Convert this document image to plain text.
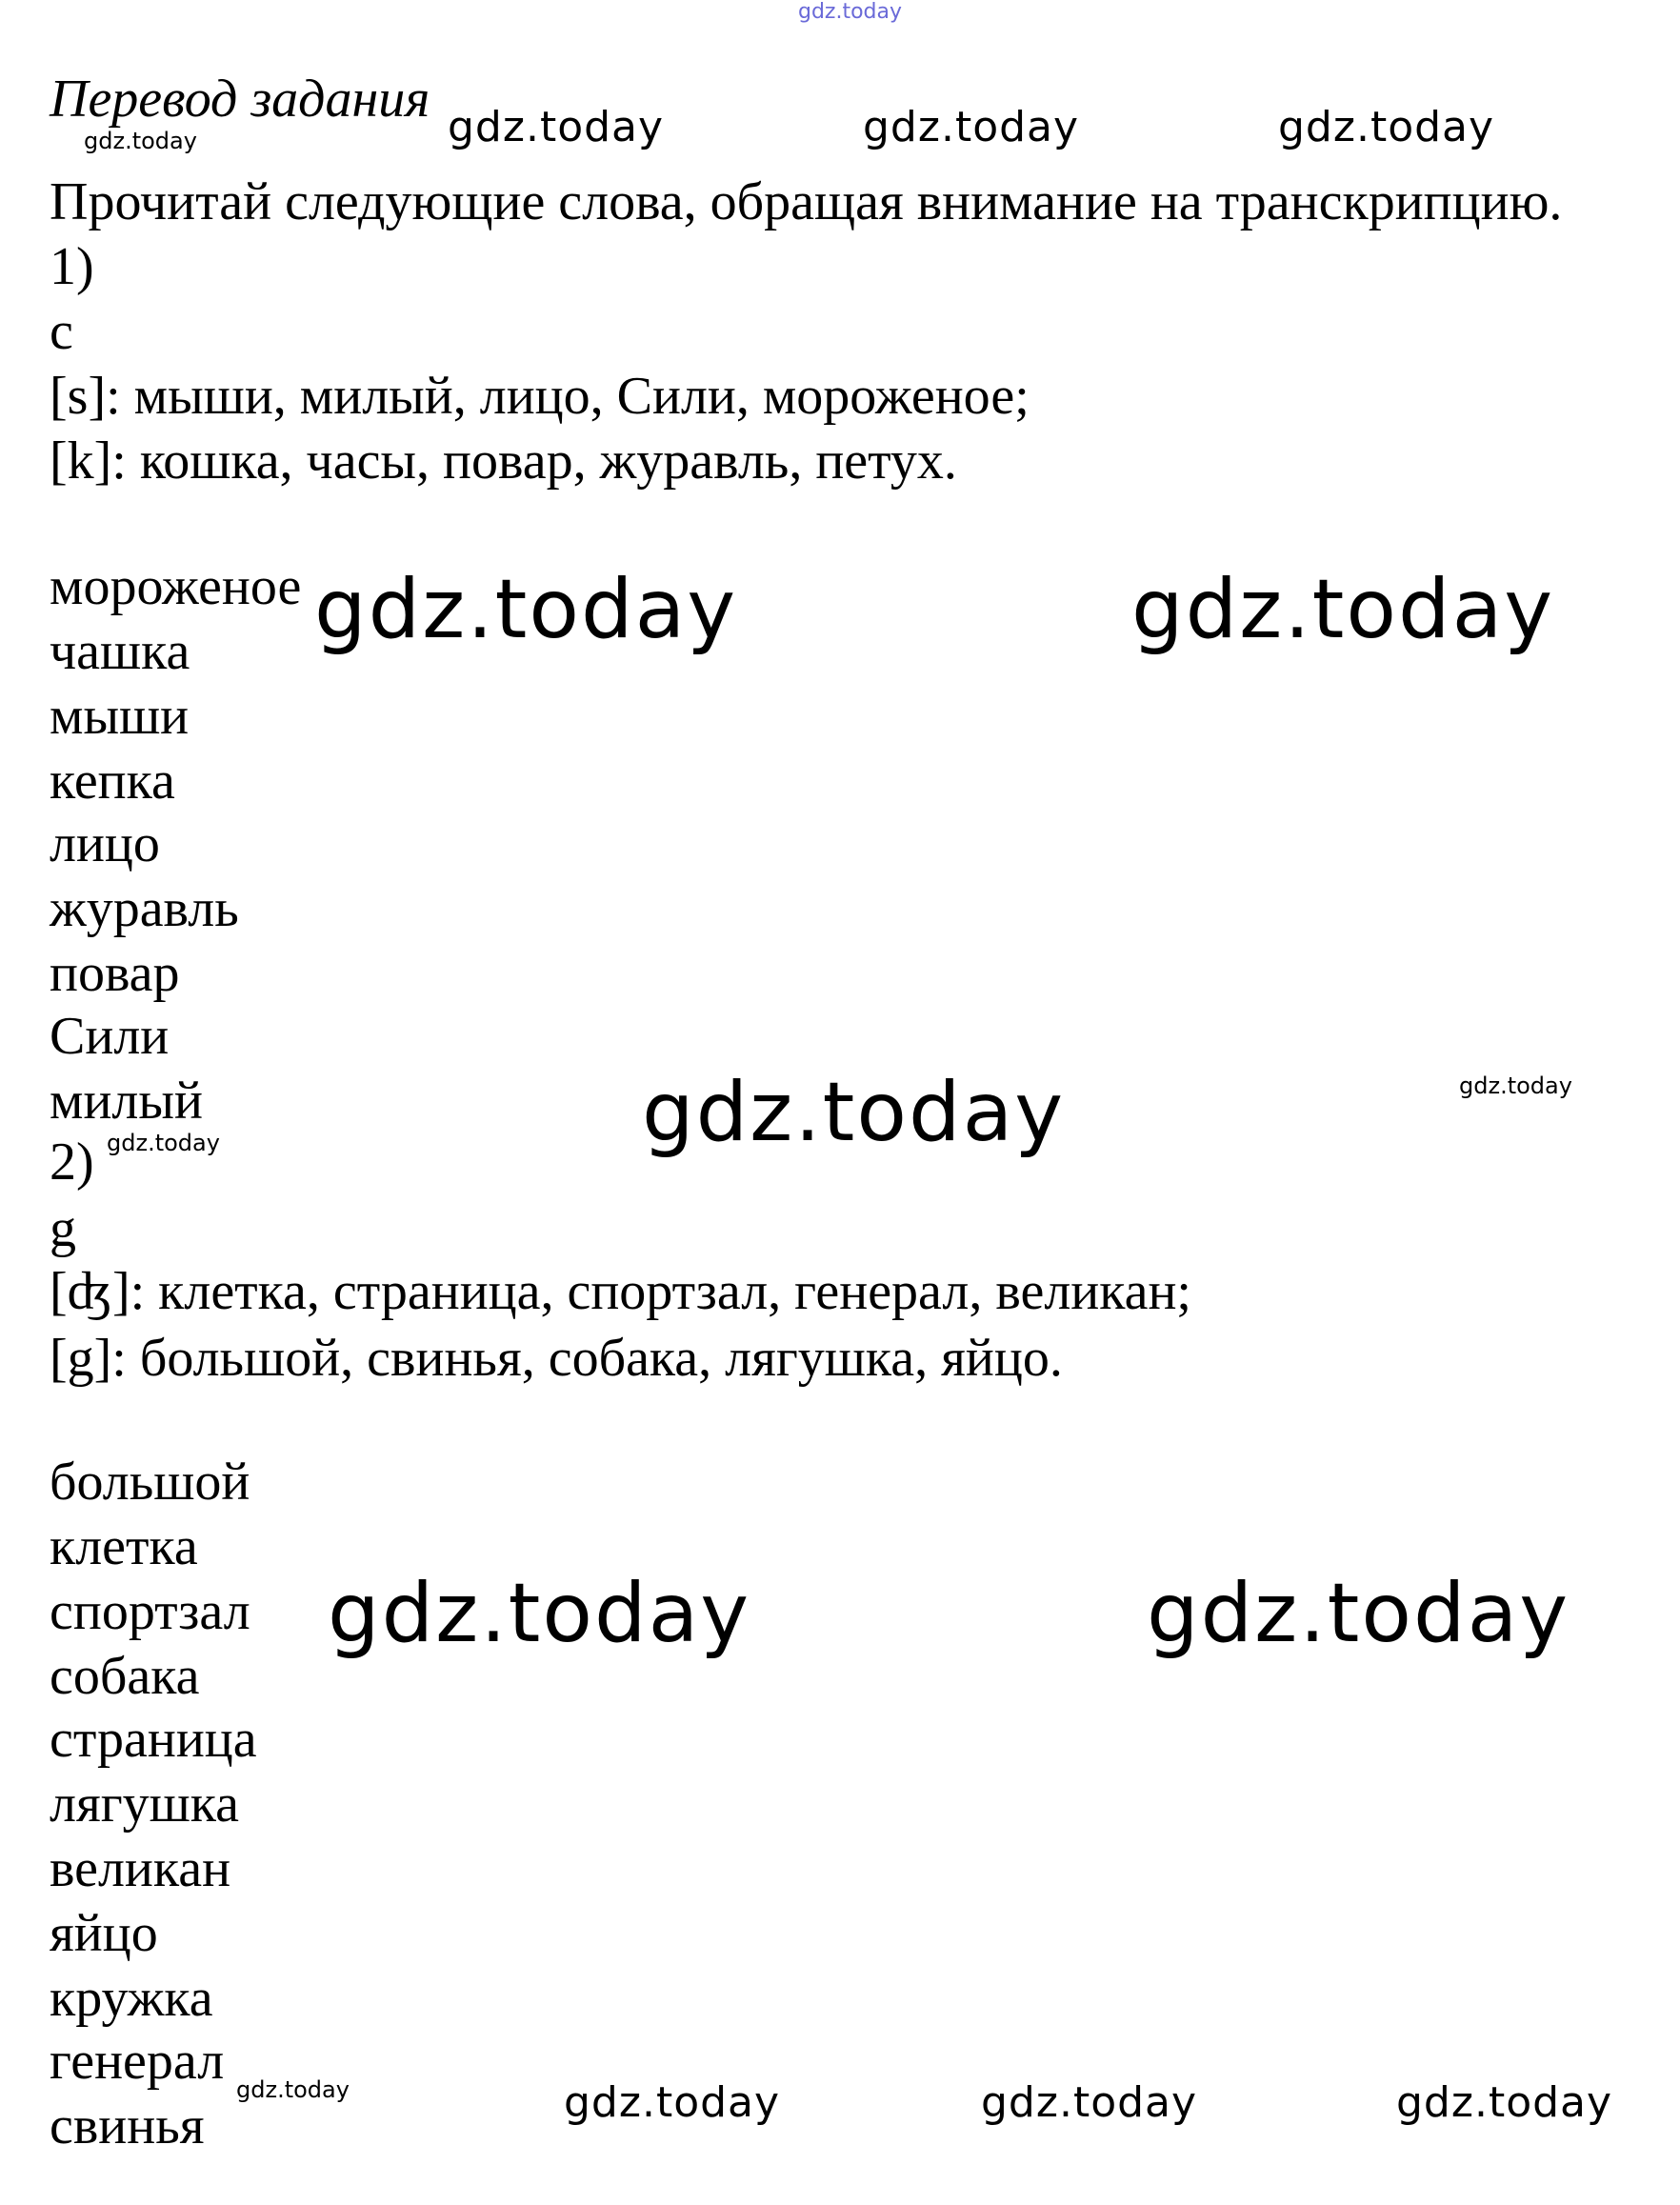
gdz.today
Перевод задания
gdz.today	gdz.today	gdz.today	gdz.today
Прочитай следующие слова, обращая внимание на транскрипцию.
1)
c
[s]: мыши, милый, лицо, Сили, мороженое;
[k]: кошка, часы, повар, журавль, петух.
мороженое
чашка
мыши
кепка
лицо
журавль
повар
Сили
милый
gdz.today	gdz.today
gdz.today	gdz.today
gdz.today
2)
g
[ʤ]: клетка, страница, спортзал, генерал, великан;
[g]: большой, свинья, собака, лягушка, яйцо.
большой
клетка
спортзал
собака
страница
лягушка
великан
яйцо
кружка
генерал
свинья
gdz.today	gdz.today
gdz.today	gdz.today	gdz.today	gdz.today
